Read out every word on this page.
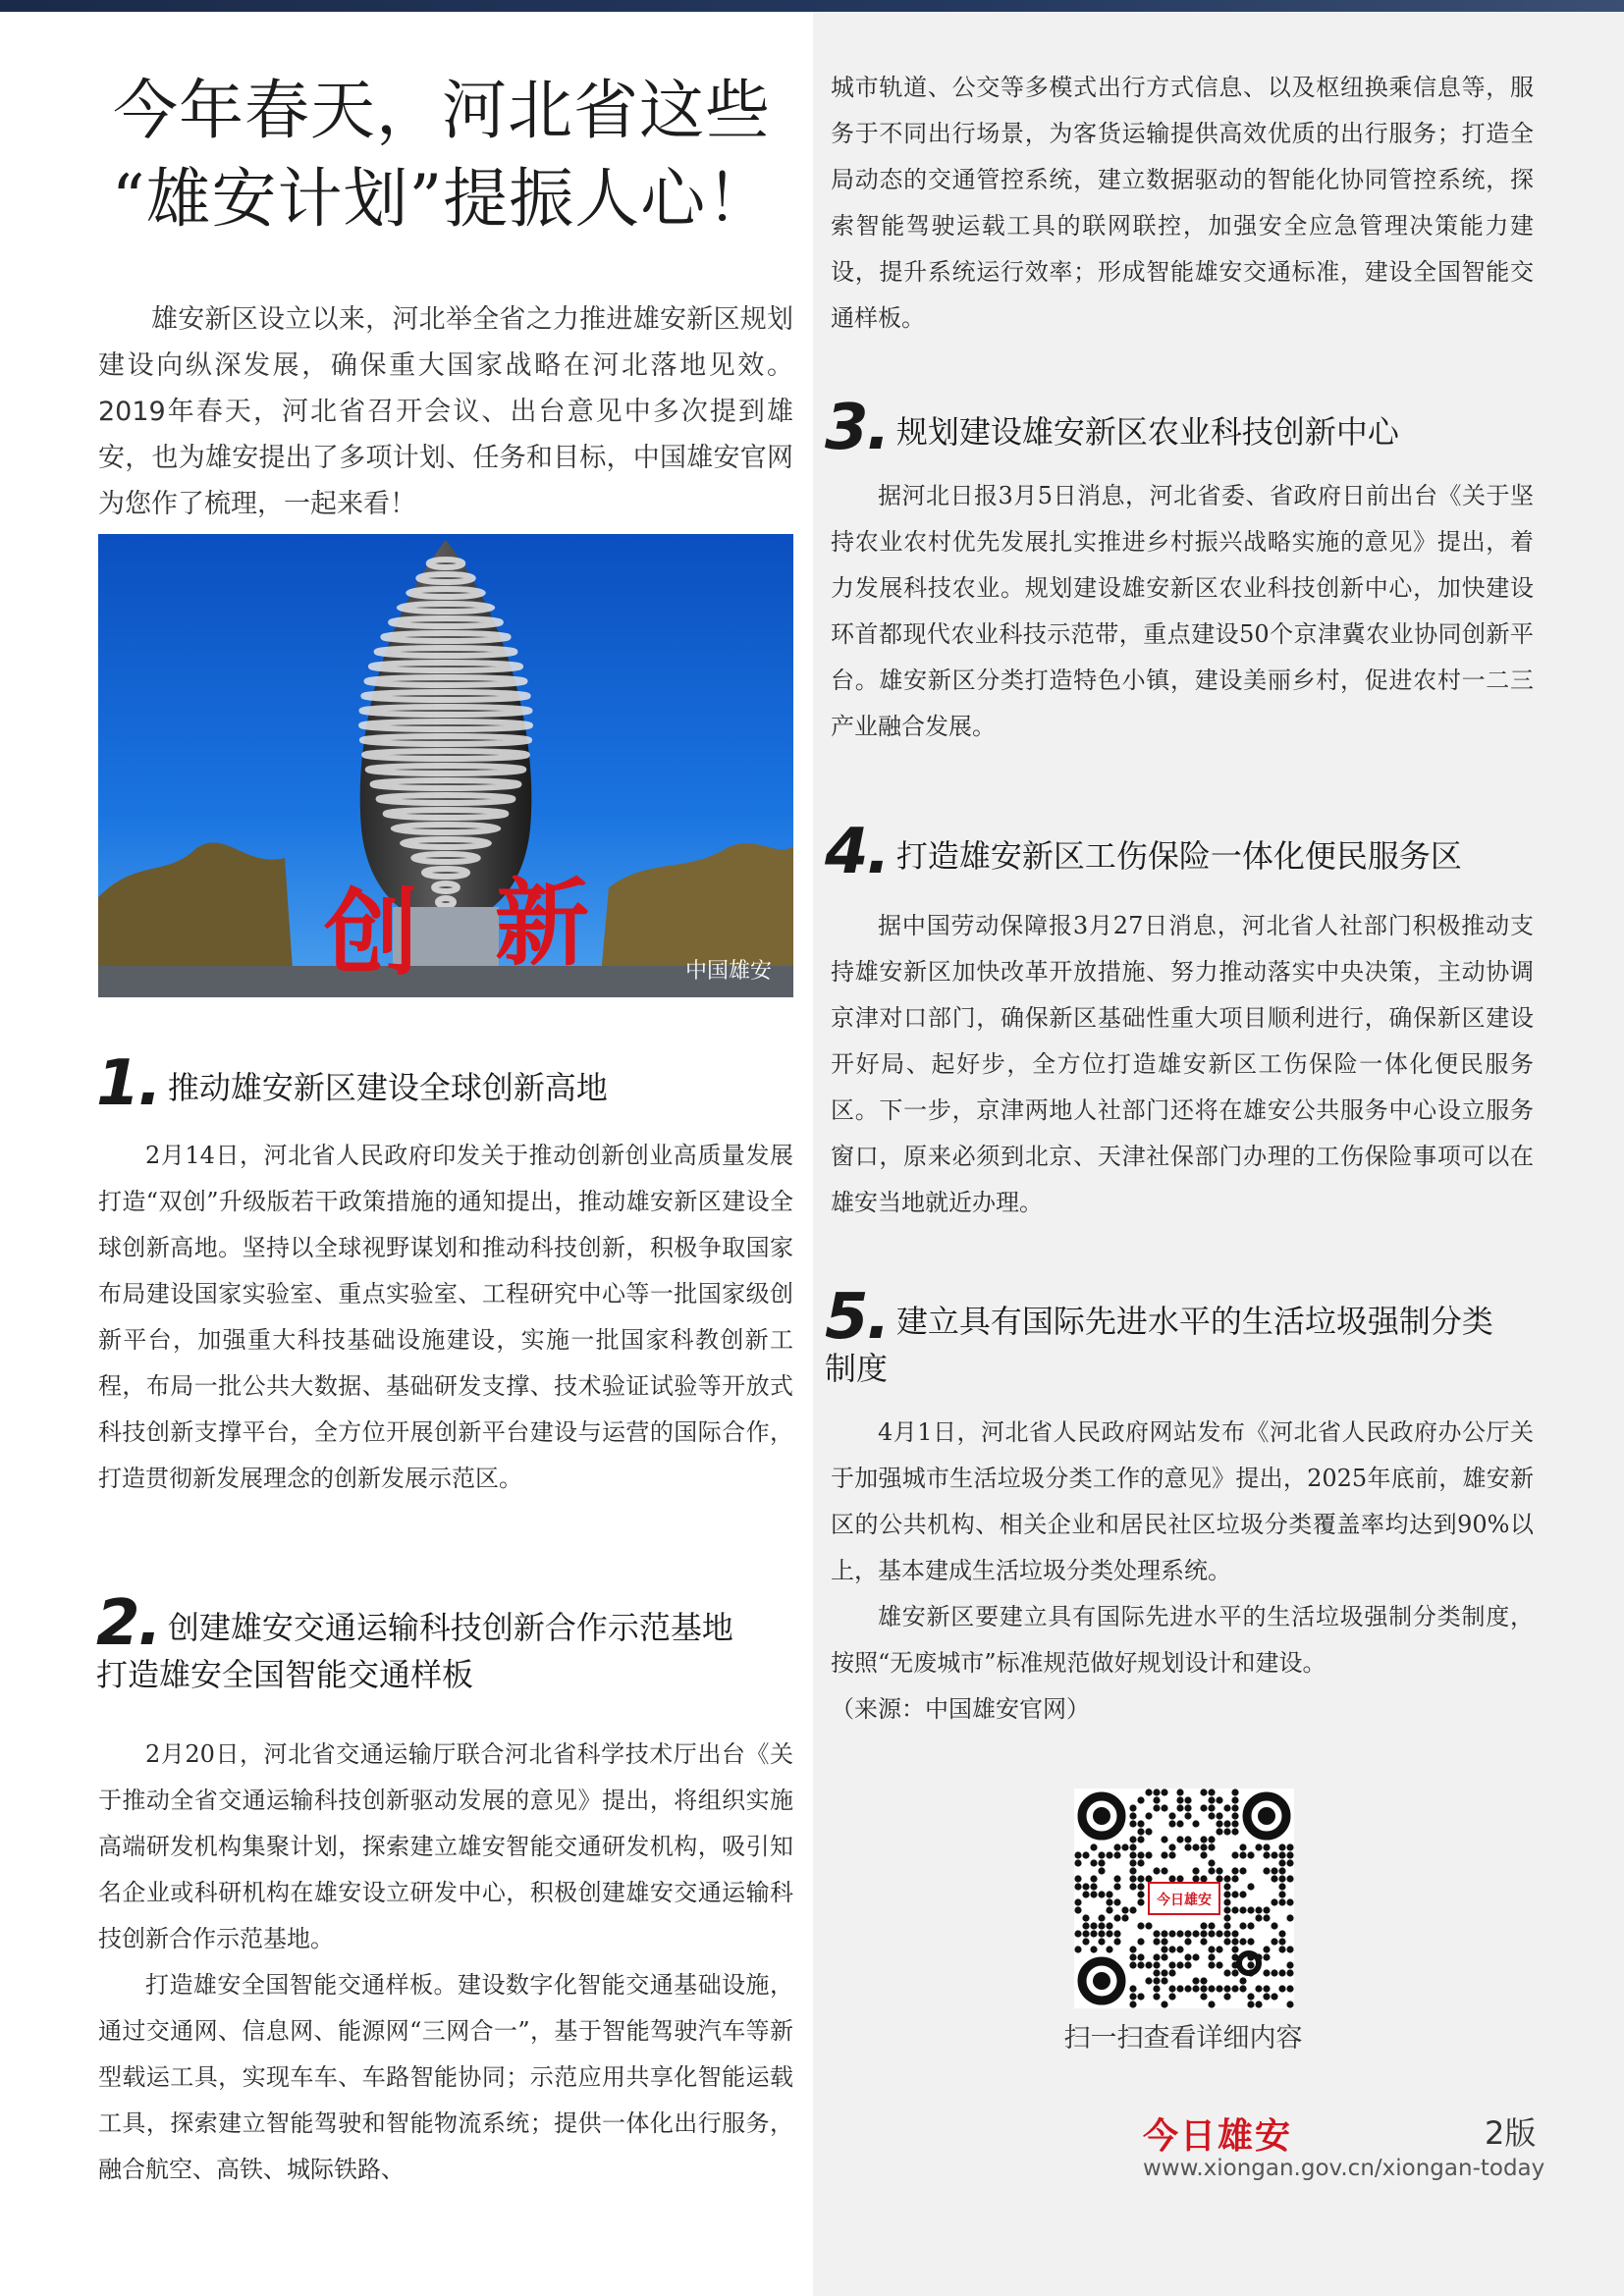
今年春天，河北省这些
“雄安计划”提振人心！

雄安新区设立以来，河北举全省之力推进雄安新区规划建设向纵深发展，确保重大国家战略在河北落地见效。2019年春天，河北省召开会议、出台意见中多次提到雄安，也为雄安提出了多项计划、任务和目标，中国雄安官网为您作了梳理，一起来看！

创 新	中国雄安
1. 推动雄安新区建设全球创新高地

2月14日，河北省人民政府印发关于推动创新创业高质量发展打造“双创”升级版若干政策措施的通知提出，推动雄安新区建设全球创新高地。坚持以全球视野谋划和推动科技创新，积极争取国家布局建设国家实验室、重点实验室、工程研究中心等一批国家级创新平台，加强重大科技基础设施建设，实施一批国家科教创新工程，布局一批公共大数据、基础研发支撑、技术验证试验等开放式科技创新支撑平台，全方位开展创新平台建设与运营的国际合作，打造贯彻新发展理念的创新发展示范区。

2. 创建雄安交通运输科技创新合作示范基地
打造雄安全国智能交通样板

2月20日，河北省交通运输厅联合河北省科学技术厅出台《关于推动全省交通运输科技创新驱动发展的意见》提出，将组织实施高端研发机构集聚计划，探索建立雄安智能交通研发机构，吸引知名企业或科研机构在雄安设立研发中心，积极创建雄安交通运输科技创新合作示范基地。

打造雄安全国智能交通样板。建设数字化智能交通基础设施，通过交通网、信息网、能源网“三网合一”，基于智能驾驶汽车等新型载运工具，实现车车、车路智能协同；示范应用共享化智能运载工具，探索建立智能驾驶和智能物流系统；提供一体化出行服务，融合航空、高铁、城际铁路、

城市轨道、公交等多模式出行方式信息、以及枢纽换乘信息等，服务于不同出行场景，为客货运输提供高效优质的出行服务；打造全局动态的交通管控系统，建立数据驱动的智能化协同管控系统，探索智能驾驶运载工具的联网联控，加强安全应急管理决策能力建设，提升系统运行效率；形成智能雄安交通标准，建设全国智能交通样板。

3. 规划建设雄安新区农业科技创新中心

据河北日报3月5日消息，河北省委、省政府日前出台《关于坚持农业农村优先发展扎实推进乡村振兴战略实施的意见》提出，着力发展科技农业。规划建设雄安新区农业科技创新中心，加快建设环首都现代农业科技示范带，重点建设50个京津冀农业协同创新平台。雄安新区分类打造特色小镇，建设美丽乡村，促进农村一二三产业融合发展。

4. 打造雄安新区工伤保险一体化便民服务区

据中国劳动保障报3月27日消息，河北省人社部门积极推动支持雄安新区加快改革开放措施、努力推动落实中央决策，主动协调京津对口部门，确保新区基础性重大项目顺利进行，确保新区建设开好局、起好步，全方位打造雄安新区工伤保险一体化便民服务区。下一步，京津两地人社部门还将在雄安公共服务中心设立服务窗口，原来必须到北京、天津社保部门办理的工伤保险事项可以在雄安当地就近办理。

5. 建立具有国际先进水平的生活垃圾强制分类
制度

4月1日，河北省人民政府网站发布《河北省人民政府办公厅关于加强城市生活垃圾分类工作的意见》提出，2025年底前，雄安新区的公共机构、相关企业和居民社区垃圾分类覆盖率均达到90%以上，基本建成生活垃圾分类处理系统。

雄安新区要建立具有国际先进水平的生活垃圾强制分类制度，按照“无废城市”标准规范做好规划设计和建设。

（来源：中国雄安官网）

今日雄安

扫一扫查看详细内容

今日雄安	2版

www.xiongan.gov.cn/xiongan-today
